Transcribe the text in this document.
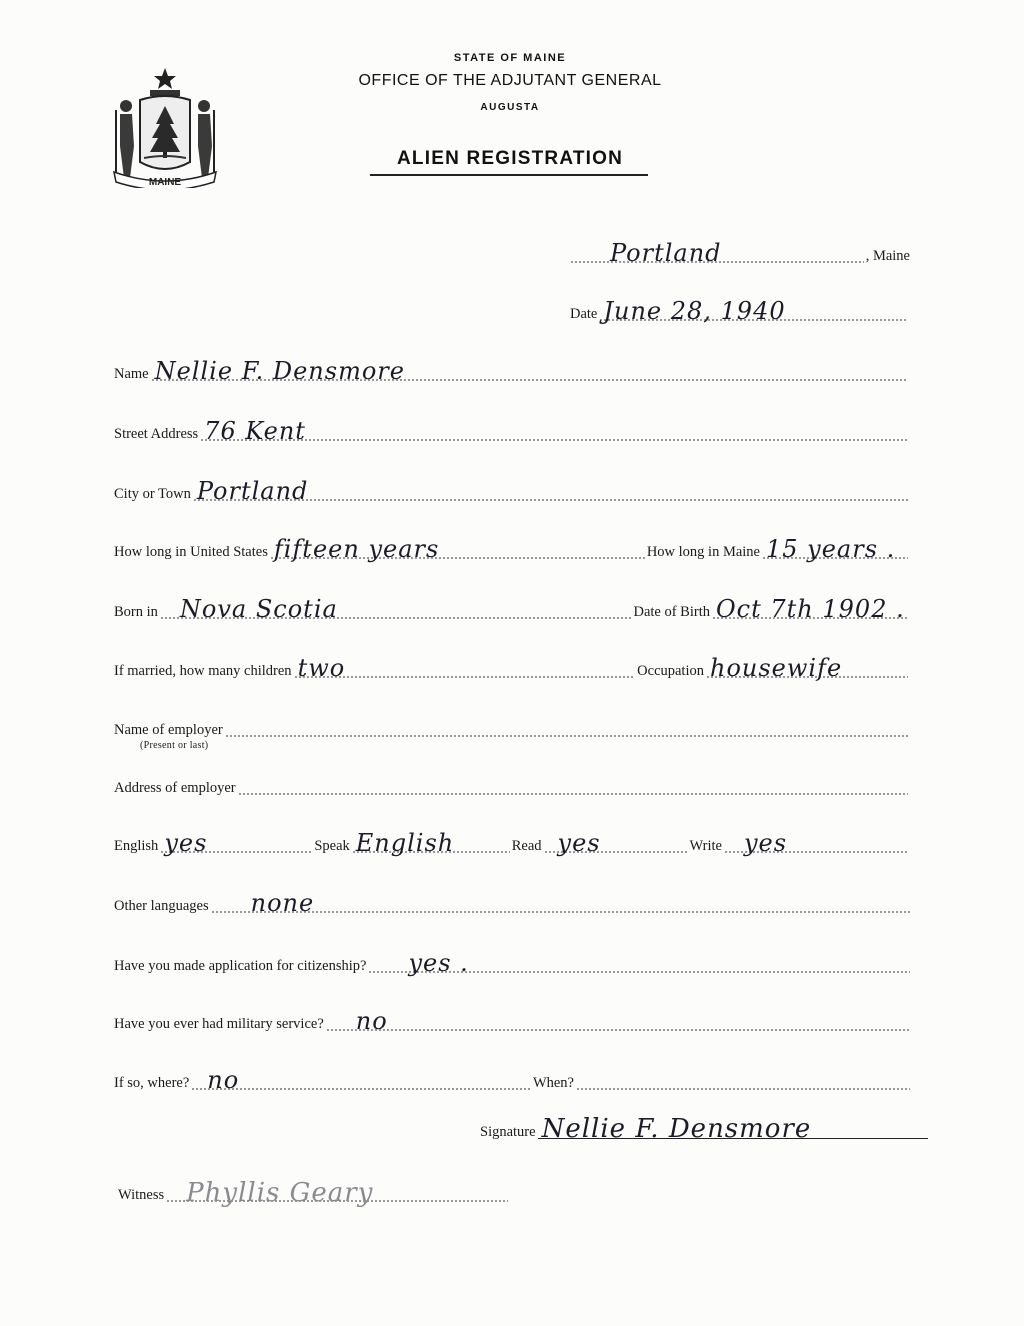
MAINE
STATE OF MAINE
OFFICE OF THE ADJUTANT GENERAL
AUGUSTA
ALIEN REGISTRATION
Portland	, Maine
Date June 28, 1940
Name Nellie F. Densmore
Street Address 76 Kent
City or Town Portland
How long in United States fifteen years	How long in Maine 15 years .
Born in Nova Scotia	Date of Birth Oct 7th 1902 .
If married, how many children two	Occupation housewife
Name of employer
(Present or last)
Address of employer
English yes	Speak English	Read yes	Write yes
Other languages none
Have you made application for citizenship? yes .
Have you ever had military service? no
If so, where? no	When?
Signature Nellie F. Densmore
Witness Phyllis Geary
